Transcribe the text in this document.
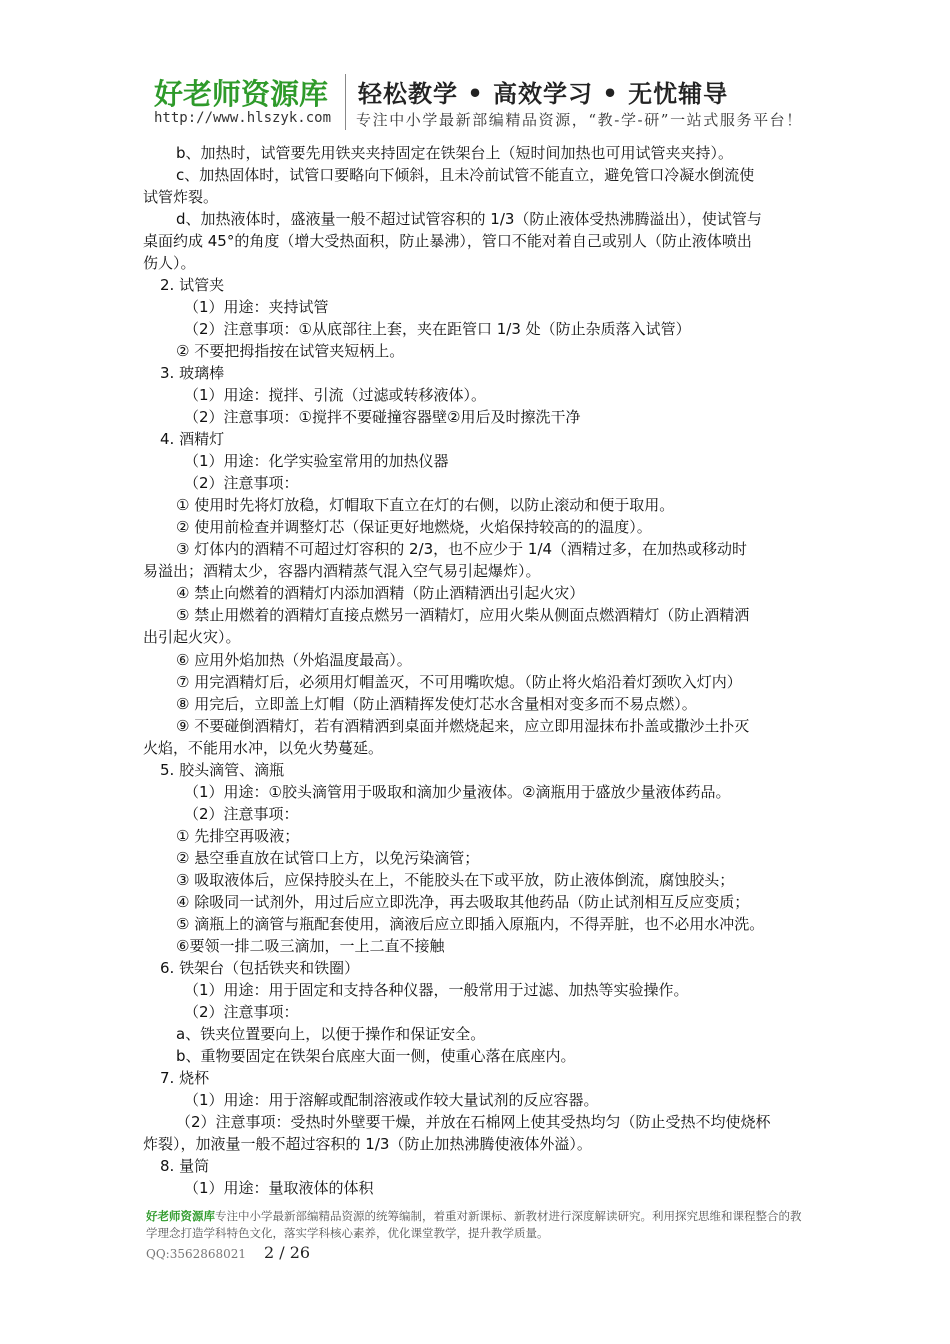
好老师资源库 轻松教学 • 高效学习 • 无忧辅导
http://www.hlszyk.com 专注中小学最新部编精品资源，“教-学-研”一站式服务平台！
b、加热时，试管要先用铁夹夹持固定在铁架台上（短时间加热也可用试管夹夹持）。
c、加热固体时，试管口要略向下倾斜，且未冷前试管不能直立，避免管口冷凝水倒流使
试管炸裂。
d、加热液体时，盛液量一般不超过试管容积的 1/3（防止液体受热沸腾溢出），使试管与
桌面约成 45°的角度（增大受热面积，防止暴沸），管口不能对着自己或别人（防止液体喷出
伤人）。
2. 试管夹
（1）用途：夹持试管
（2）注意事项：①从底部往上套，夹在距管口 1/3 处（防止杂质落入试管）
② 不要把拇指按在试管夹短柄上。
3. 玻璃棒
（1）用途：搅拌、引流（过滤或转移液体）。
（2）注意事项：①搅拌不要碰撞容器壁②用后及时擦洗干净
4. 酒精灯
（1）用途：化学实验室常用的加热仪器
（2）注意事项：
① 使用时先将灯放稳，灯帽取下直立在灯的右侧，以防止滚动和便于取用。
② 使用前检查并调整灯芯（保证更好地燃烧，火焰保持较高的的温度）。
③ 灯体内的酒精不可超过灯容积的 2/3，也不应少于 1/4（酒精过多，在加热或移动时
易溢出；酒精太少，容器内酒精蒸气混入空气易引起爆炸）。
④ 禁止向燃着的酒精灯内添加酒精（防止酒精洒出引起火灾）
⑤ 禁止用燃着的酒精灯直接点燃另一酒精灯，应用火柴从侧面点燃酒精灯（防止酒精洒
出引起火灾）。
⑥ 应用外焰加热（外焰温度最高）。
⑦ 用完酒精灯后，必须用灯帽盖灭，不可用嘴吹熄。（防止将火焰沿着灯颈吹入灯内）
⑧ 用完后，立即盖上灯帽（防止酒精挥发使灯芯水含量相对变多而不易点燃）。
⑨ 不要碰倒酒精灯，若有酒精洒到桌面并燃烧起来，应立即用湿抹布扑盖或撒沙土扑灭
火焰，不能用水冲，以免火势蔓延。
5. 胶头滴管、滴瓶
（1）用途：①胶头滴管用于吸取和滴加少量液体。②滴瓶用于盛放少量液体药品。
（2）注意事项：
① 先排空再吸液；
② 悬空垂直放在试管口上方，以免污染滴管；
③ 吸取液体后，应保持胶头在上，不能胶头在下或平放，防止液体倒流，腐蚀胶头；
④ 除吸同一试剂外，用过后应立即洗净，再去吸取其他药品（防止试剂相互反应变质；
⑤ 滴瓶上的滴管与瓶配套使用，滴液后应立即插入原瓶内，不得弄脏，也不必用水冲洗。
⑥要领一排二吸三滴加，一上二直不接触
6. 铁架台（包括铁夹和铁圈）
（1）用途：用于固定和支持各种仪器，一般常用于过滤、加热等实验操作。
（2）注意事项：
a、铁夹位置要向上，以便于操作和保证安全。
b、重物要固定在铁架台底座大面一侧，使重心落在底座内。
7. 烧杯
（1）用途：用于溶解或配制溶液或作较大量试剂的反应容器。
（2）注意事项：受热时外壁要干燥，并放在石棉网上使其受热均匀（防止受热不均使烧杯
炸裂），加液量一般不超过容积的 1/3（防止加热沸腾使液体外溢）。
8. 量筒
（1）用途：量取液体的体积
好老师资源库专注中小学最新部编精品资源的统筹编制，着重对新课标、新教材进行深度解读研究。利用探究思维和课程整合的教学理念打造学科特色文化，落实学科核心素养，优化课堂教学，提升教学质量。
QQ:3562868021 2 / 26
